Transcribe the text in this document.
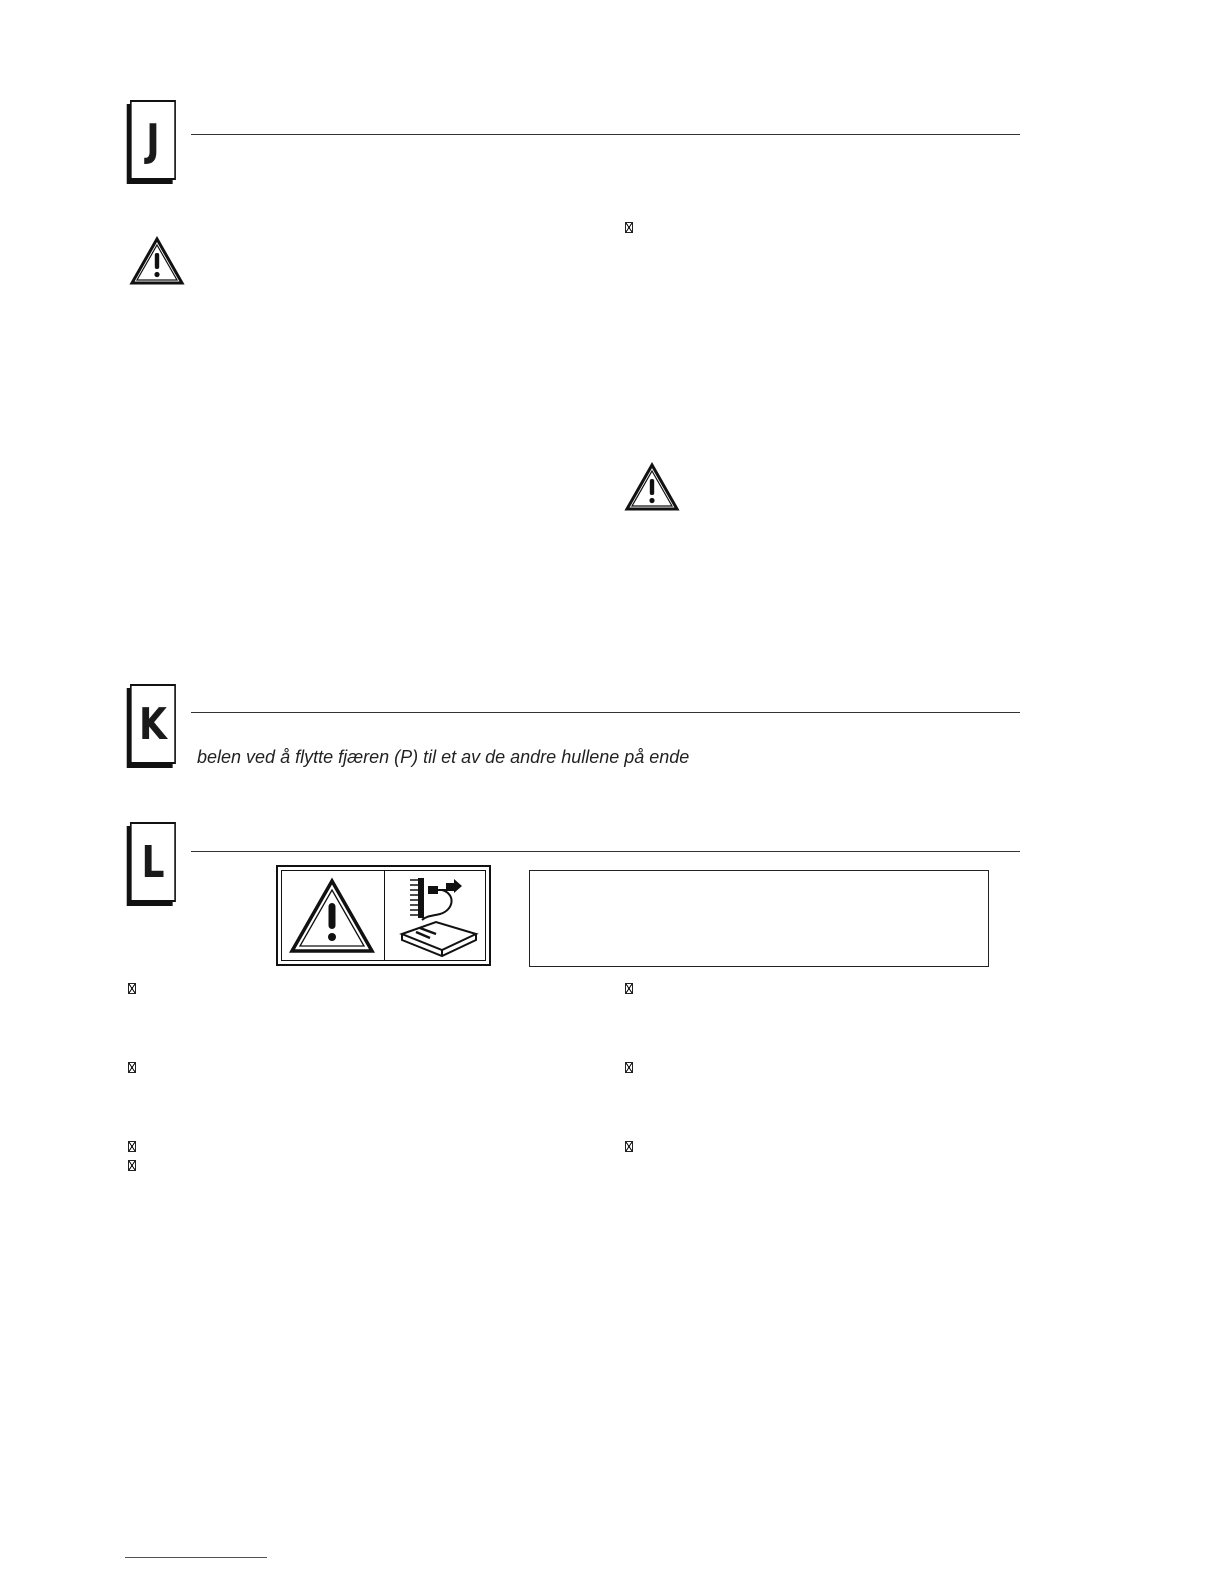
J
K
belen ved å flytte fjæren (P) til et av de andre hullene på ende
L
